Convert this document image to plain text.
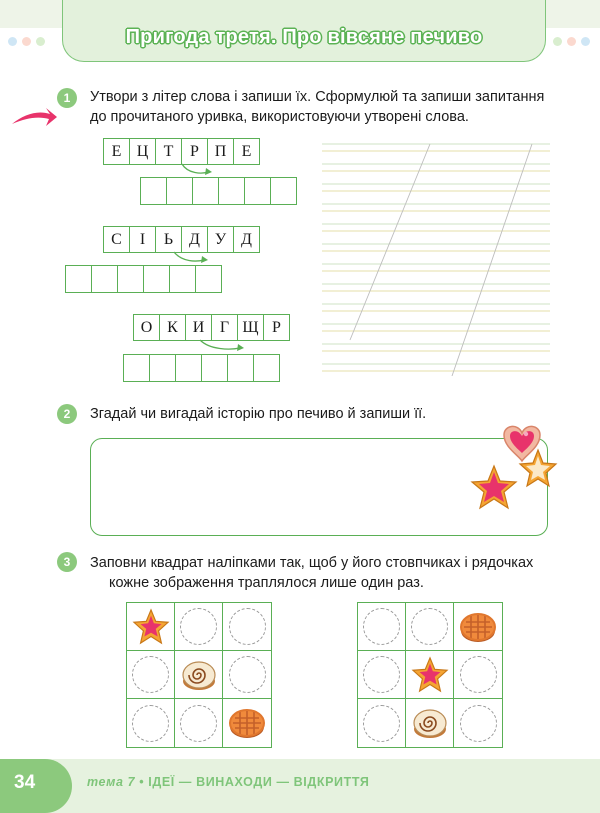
Пригода третя. Про вівсяне печиво
1	Утвори з літер слова і запиши їх. Сформулюй та запиши запитання
до прочитаного уривка, використовуючи утворені слова.
Е Ц Т	Р П Е
С	І	Ь Д У Д
О К И Г Щ Р
2	Згадай чи вигадай історію про печиво й запиши її.
3	Заповни квадрат наліпками так, щоб у його стовпчиках і рядочках
кожне зображення траплялося лише один раз.
34	тема 7 • ІДЕЇ — ВИНАХОДИ — ВІДКРИТТЯ
